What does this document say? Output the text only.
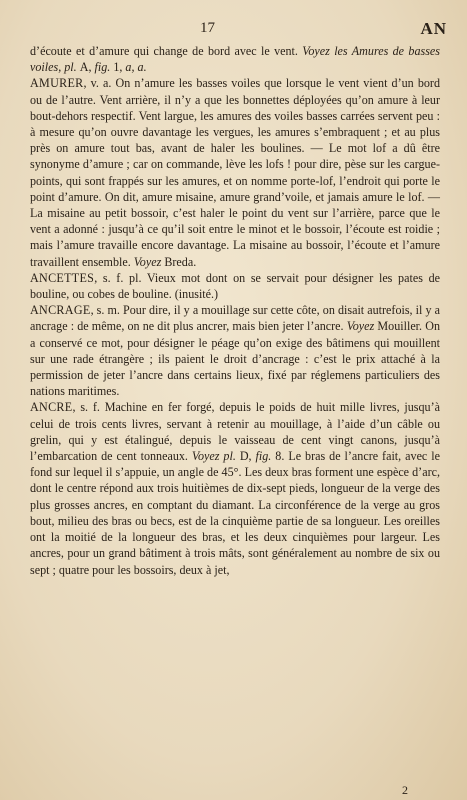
17	AN

d’écoute et d’amure qui change de bord avec le vent. Voyez les Amures de basses voiles, pl. A, fig. 1, a, a.

AMURER, v. a. On n’amure les basses voiles que lorsque le vent vient d’un bord ou de l’autre. Vent arrière, il n’y a que les bonnettes déployées qu’on amure à leur bout-dehors respectif. Vent largue, les amures des voiles basses carrées servent peu : à mesure qu’on ouvre davantage les vergues, les amures s’embraquent ; et au plus près on amure tout bas, avant de haler les boulines. — Le mot lof a dû être synonyme d’amure ; car on commande, lève les lofs ! pour dire, pèse sur les cargue-points, qui sont frappés sur les amures, et on nomme porte-lof, l’endroit qui porte le point d’amure. On dit, amure misaine, amure grand’voile, et jamais amure le lof. — La misaine au petit bossoir, c’est haler le point du vent sur l’arrière, parce que le vent a adonné : jusqu’à ce qu’il soit entre le minot et le bossoir, l’écoute est roidie ; mais l’amure travaille encore davantage. La misaine au bossoir, l’écoute et l’amure travaillent ensemble. Voyez Breda.

ANCETTES, s. f. pl. Vieux mot dont on se servait pour désigner les pates de bouline, ou cobes de bouline. (inusité.)

ANCRAGE, s. m. Pour dire, il y a mouillage sur cette côte, on disait autrefois, il y a ancrage : de même, on ne dit plus ancrer, mais bien jeter l’ancre. Voyez Mouiller. On a conservé ce mot, pour désigner le péage qu’on exige des bâtimens qui mouillent sur une rade étrangère ; ils paient le droit d’ancrage : c’est le prix attaché à la permission de jeter l’ancre dans certains lieux, fixé par réglemens particuliers des nations maritimes.

ANCRE, s. f. Machine en fer forgé, depuis le poids de huit mille livres, jusqu’à celui de trois cents livres, servant à retenir au mouillage, à l’aide d’un câble ou grelin, qui y est étalingué, depuis le vaisseau de cent vingt canons, jusqu’à l’embarcation de cent tonneaux. Voyez pl. D, fig. 8. Le bras de l’ancre fait, avec le fond sur lequel il s’appuie, un angle de 45°. Les deux bras forment une espèce d’arc, dont le centre répond aux trois huitièmes de dix-sept pieds, longueur de la verge des plus grosses ancres, en comptant du diamant. La circonférence de la verge au gros bout, milieu des bras ou becs, est de la cinquième partie de sa longueur. Les oreilles ont la moitié de la longueur des bras, et les deux cinquièmes pour largeur. Les ancres, pour un grand bâtiment à trois mâts, sont généralement au nombre de six ou sept ; quatre pour les bossoirs, deux à jet,

2
